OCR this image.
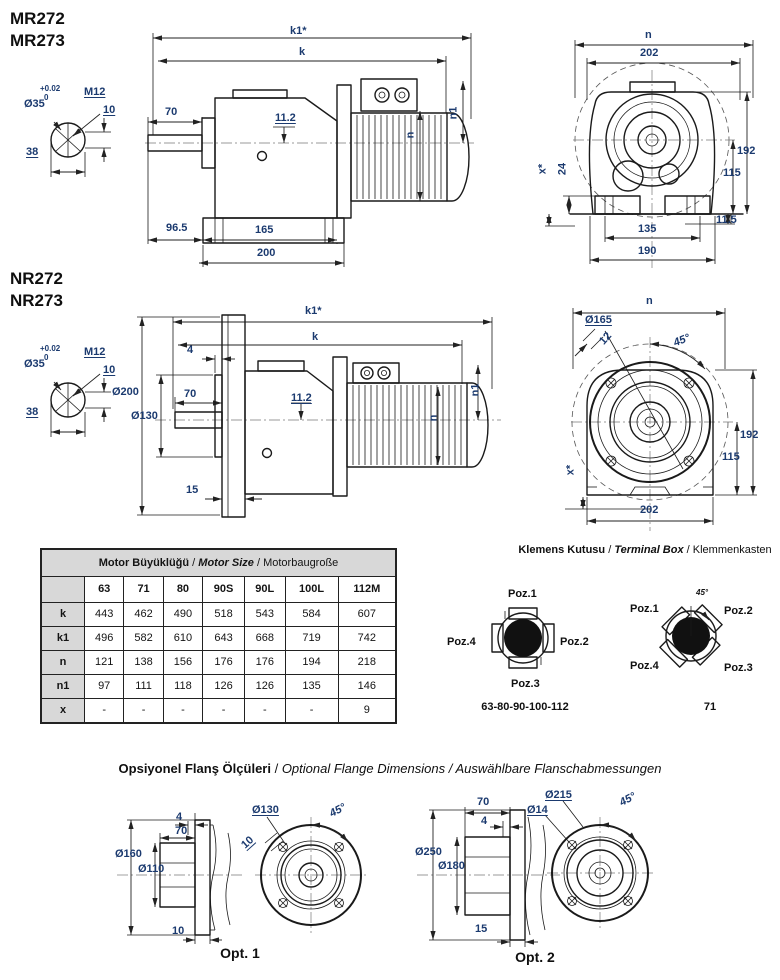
MR272
MR273
NR272
NR273
+0.02
0
Ø35
M12
10
38
k1*
k
70	11.2
n
n1
96.5	165
200
n
202
192
115
11.5
135
190
24
x*
+0.02
0
Ø35
M12
10
38
k1*
k
4
Ø200
Ø130
70	11.2
n
n1
15
n
Ø165
12	45°
192
115
x*
202
Motor Büyüklüğü / Motor Size / Motorbaugroße							
	63	71	80	90S	90L	100L	112M
k	443	462	490	518	543	584	607
k1	496	582	610	643	668	719	742
n	121	138	156	176	176	194	218
n1	97	111	118	126	126	135	146
x	-	-	-	-	-	-	9
Klemens Kutusu / Terminal Box / Klemmenkasten
Poz.1
Poz.2
Poz.3
Poz.4
63-80-90-100-112
Poz.1	Poz.2
Poz.3
Poz.4
45°
71
Opsiyonel Flanş Ölçüleri / Optional Flange Dimensions / Auswählbare Flanschabmessungen
Ø160
Ø110
4
70
10
Ø130
10
45°
Opt. 1
Ø250
Ø180
70
4
15
Ø215
Ø14
45°
Opt. 2
